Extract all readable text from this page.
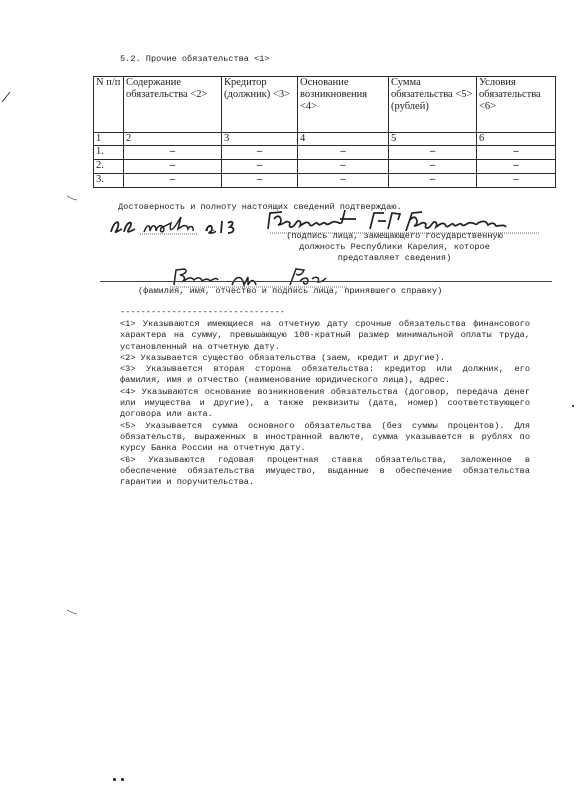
5.2. Прочие обязательства <1>
N п/п	Содержание обязательства <2>	Кредитор (должник) <3>	Основание возникновения <4>	Сумма обязательства <5> (рублей)	Условия обязательства <6>
1	2	3	4	5	6
1.	–	–	–	–	–

2.	–	–	–	–	–

3.	–	–	–	–	–
Достоверность и полноту настоящих сведений подтверждаю.
г.
(подпись лица, замещающего государственную должность Республики Карелия, которое представляет сведения)
(фамилия, имя, отчество и подпись лица, принявшего справку)
--------------------------------
<1> Указываются имеющиеся на отчетную дату срочные обязательства финансового характера на сумму, превышающую 100-кратный размер минимальной оплаты труда, установленный на отчетную дату.
<2> Указывается существо обязательства (заем, кредит и другие).
<3> Указывается вторая сторона обязательства: кредитор или должник, его фамилия, имя и отчество (наименование юридического лица), адрес.
<4> Указываются основание возникновения обязательства (договор, передача денег или имущества и другие), а также реквизиты (дата, номер) соответствующего договора или акта.
<5> Указывается сумма основного обязательства (без суммы процентов). Для обязательств, выраженных в иностранной валюте, сумма указывается в рублях по курсу Банка России на отчетную дату.
<6> Указываются годовая процентная ставка обязательства, заложенное в обеспечение обязательства имущество, выданные в обеспечение обязательства гарантии и поручительства.
